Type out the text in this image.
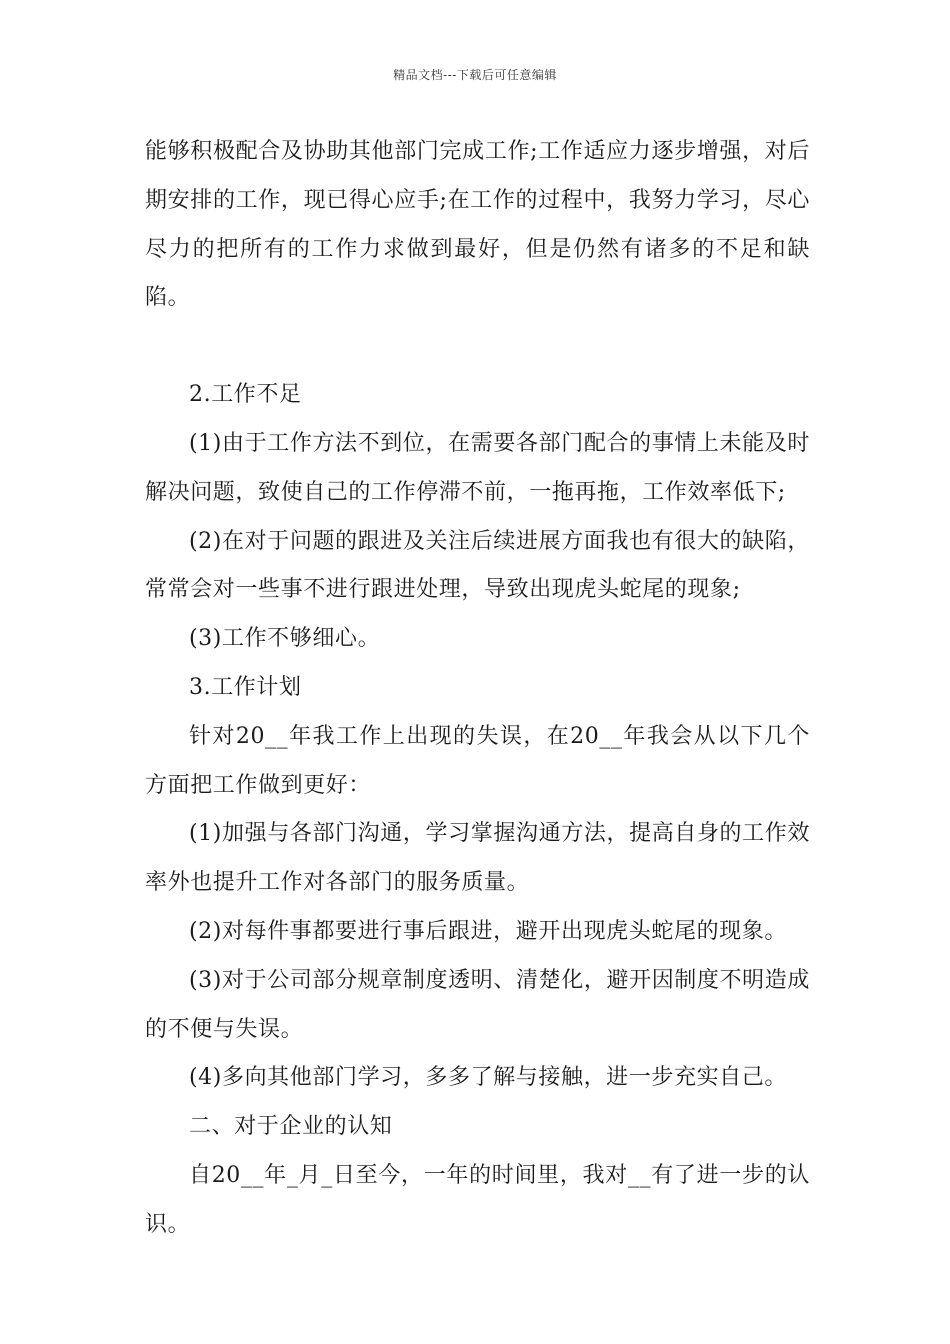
精品文档---下载后可任意编辑

能够积极配合及协助其他部门完成工作;工作适应力逐步增强，对后期安排的工作，现已得心应手;在工作的过程中，我努力学习，尽心尽力的把所有的工作力求做到最好，但是仍然有诸多的不足和缺陷。

2.工作不足

(1)由于工作方法不到位，在需要各部门配合的事情上未能及时解决问题，致使自己的工作停滞不前，一拖再拖，工作效率低下;

(2)在对于问题的跟进及关注后续进展方面我也有很大的缺陷，常常会对一些事不进行跟进处理，导致出现虎头蛇尾的现象;

(3)工作不够细心。

3.工作计划

针对20__年我工作上出现的失误，在20__年我会从以下几个方面把工作做到更好：

(1)加强与各部门沟通，学习掌握沟通方法，提高自身的工作效率外也提升工作对各部门的服务质量。

(2)对每件事都要进行事后跟进，避开出现虎头蛇尾的现象。

(3)对于公司部分规章制度透明、清楚化，避开因制度不明造成的不便与失误。

(4)多向其他部门学习，多多了解与接触，进一步充实自己。

二、对于企业的认知

自20__年_月_日至今，一年的时间里，我对__有了进一步的认识。
